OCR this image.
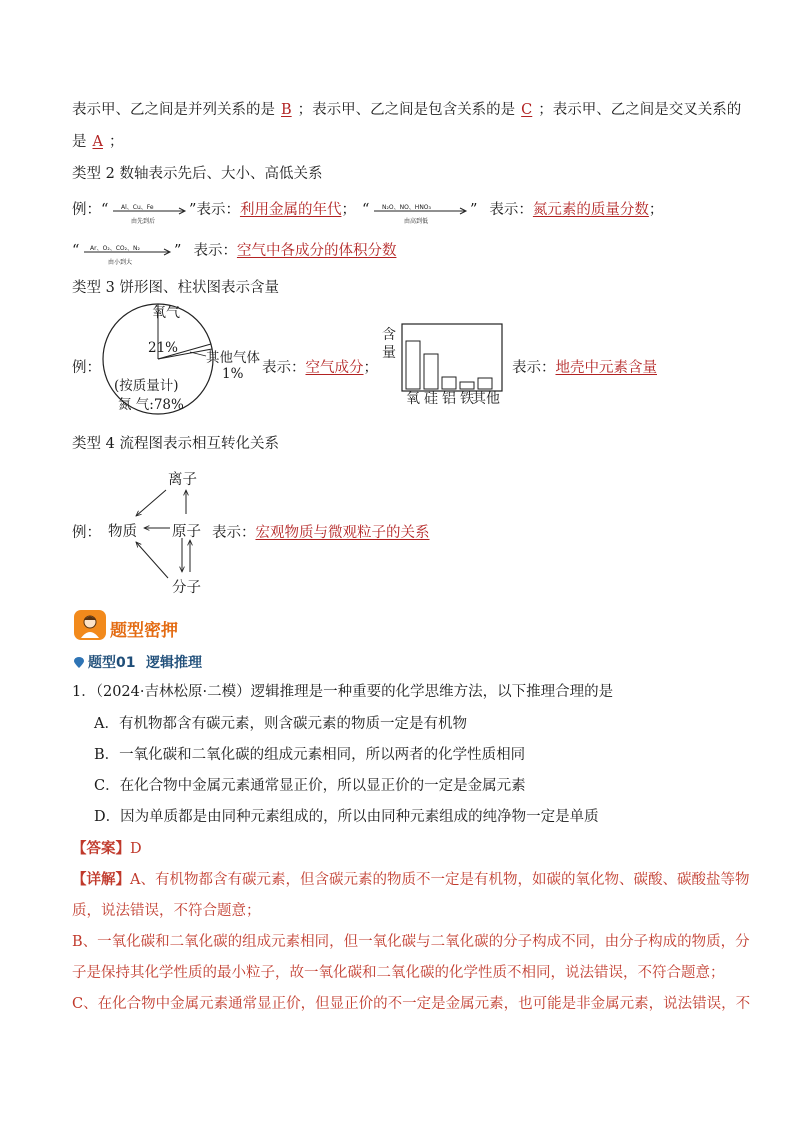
表示甲、乙之间是并列关系的是 B ；表示甲、乙之间是包含关系的是 C ；表示甲、乙之间是交叉关系的
是 A ；
类型 2 数轴表示先后、大小、高低关系
例：“ Al、Cu、Fe
由先到后
”表示：利用金属的年代； “ N₂O、NO、HNO₃
由高到低
” 表示：氮元素的质量分数；
“ Ar、O₂、CO₂、N₂
由小到大
” 表示：空气中各成分的体积分数
类型 3 饼形图、柱状图表示含量
例：
氧气
21%
其他气体
1%
(按质量计)
氮 气:78%
表示：空气成分；
含量
氧 硅 铝 铁
其他
表示：地壳中元素含量
类型 4 流程图表示相互转化关系
例：
离子
物质 原子
分子
表示：宏观物质与微观粒子的关系
题型密押
题型01 逻辑推理
1．（2024·吉林松原·二模）逻辑推理是一种重要的化学思维方法，以下推理合理的是
A．有机物都含有碳元素，则含碳元素的物质一定是有机物
B．一氧化碳和二氧化碳的组成元素相同，所以两者的化学性质相同
C．在化合物中金属元素通常显正价，所以显正价的一定是金属元素
D．因为单质都是由同种元素组成的，所以由同种元素组成的纯净物一定是单质
【答案】D
【详解】A、有机物都含有碳元素，但含碳元素的物质不一定是有机物，如碳的氧化物、碳酸、碳酸盐等物
质，说法错误，不符合题意；
B、一氧化碳和二氧化碳的组成元素相同，但一氧化碳与二氧化碳的分子构成不同，由分子构成的物质，分
子是保持其化学性质的最小粒子，故一氧化碳和二氧化碳的化学性质不相同，说法错误，不符合题意；
C、在化合物中金属元素通常显正价，但显正价的不一定是金属元素，也可能是非金属元素，说法错误，不
